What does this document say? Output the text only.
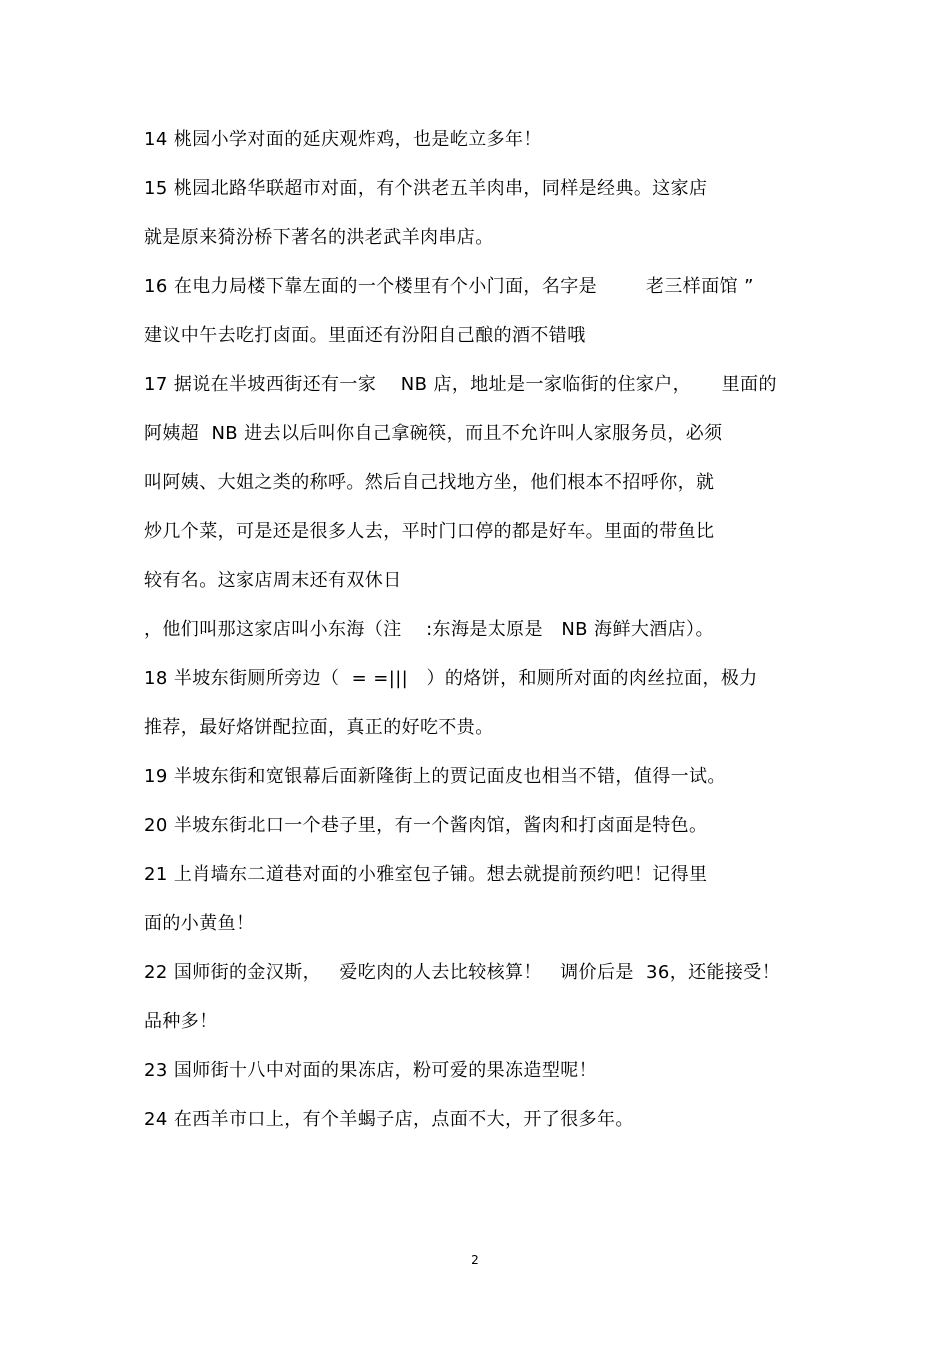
14 桃园小学对面的延庆观炸鸡，也是屹立多年！
15 桃园北路华联超市对面，有个洪老五羊肉串，同样是经典。这家店
就是原来猗汾桥下著名的洪老武羊肉串店。
16 在电力局楼下靠左面的一个楼里有个小门面，名字是        老三样面馆 ”
建议中午去吃打卤面。里面还有汾阳自己酿的酒不错哦
17 据说在半坡西街还有一家    NB 店，地址是一家临街的住家户，     里面的
阿姨超  NB 进去以后叫你自己拿碗筷，而且不允许叫人家服务员，必须
叫阿姨、大姐之类的称呼。然后自己找地方坐，他们根本不招呼你，就
炒几个菜，可是还是很多人去，平时门口停的都是好车。里面的带鱼比
较有名。这家店周末还有双休日
，他们叫那这家店叫小东海（注    :东海是太原是   NB 海鲜大酒店）。
18 半坡东街厕所旁边（  = =|||   ）的烙饼，和厕所对面的肉丝拉面，极力
推荐，最好烙饼配拉面，真正的好吃不贵。
19 半坡东街和宽银幕后面新隆街上的贾记面皮也相当不错，值得一试。
20 半坡东街北口一个巷子里，有一个酱肉馆，酱肉和打卤面是特色。
21 上肖墙东二道巷对面的小雅室包子铺。想去就提前预约吧！记得里
面的小黄鱼！
22 国师街的金汉斯，   爱吃肉的人去比较核算！   调价后是  36，还能接受！
品种多！
23 国师街十八中对面的果冻店，粉可爱的果冻造型呢！
24 在西羊市口上，有个羊蝎子店，点面不大，开了很多年。
2
